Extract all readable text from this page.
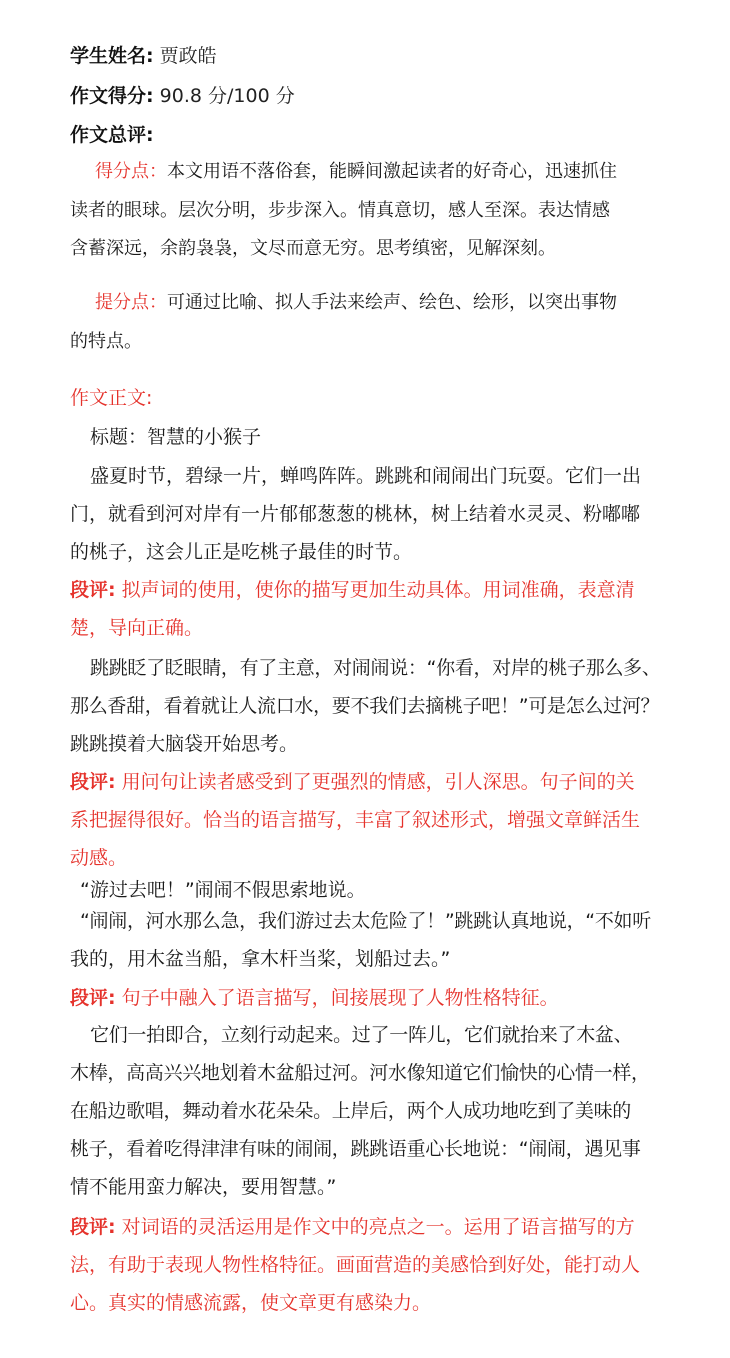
学生姓名: 贾政皓
作文得分: 90.8 分/100 分
作文总评:
得分点：本文用语不落俗套，能瞬间激起读者的好奇心，迅速抓住
读者的眼球。层次分明，步步深入。情真意切，感人至深。表达情感
含蓄深远，余韵袅袅，文尽而意无穷。思考缜密，见解深刻。
提分点：可通过比喻、拟人手法来绘声、绘色、绘形，以突出事物
的特点。
作文正文:
标题：智慧的小猴子
盛夏时节，碧绿一片，蝉鸣阵阵。跳跳和闹闹出门玩耍。它们一出
门，就看到河对岸有一片郁郁葱葱的桃林，树上结着水灵灵、粉嘟嘟
的桃子，这会儿正是吃桃子最佳的时节。
段评: 拟声词的使用，使你的描写更加生动具体。用词准确，表意清
楚，导向正确。
跳跳眨了眨眼睛，有了主意，对闹闹说：“你看，对岸的桃子那么多、
那么香甜，看着就让人流口水，要不我们去摘桃子吧！”可是怎么过河？
跳跳摸着大脑袋开始思考。
段评: 用问句让读者感受到了更强烈的情感，引人深思。句子间的关
系把握得很好。恰当的语言描写，丰富了叙述形式，增强文章鲜活生
动感。
“游过去吧！”闹闹不假思索地说。
“闹闹，河水那么急，我们游过去太危险了！”跳跳认真地说，“不如听
我的，用木盆当船，拿木杆当桨，划船过去。”
段评: 句子中融入了语言描写，间接展现了人物性格特征。
它们一拍即合，立刻行动起来。过了一阵儿，它们就抬来了木盆、
木棒，高高兴兴地划着木盆船过河。河水像知道它们愉快的心情一样，
在船边歌唱，舞动着水花朵朵。上岸后，两个人成功地吃到了美味的
桃子，看着吃得津津有味的闹闹，跳跳语重心长地说：“闹闹，遇见事
情不能用蛮力解决，要用智慧。”
段评: 对词语的灵活运用是作文中的亮点之一。运用了语言描写的方
法，有助于表现人物性格特征。画面营造的美感恰到好处，能打动人
心。真实的情感流露，使文章更有感染力。
